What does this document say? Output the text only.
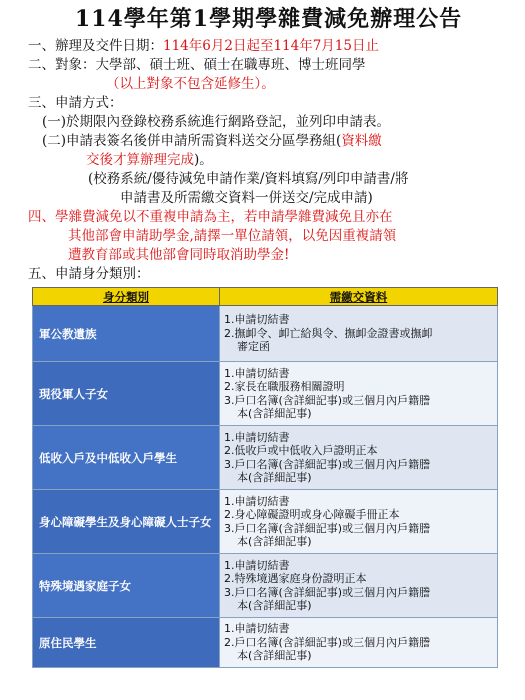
114學年第1學期學雜費減免辦理公告
一、辦理及交件日期：114年6月2日起至114年7月15日止
二、對象：大學部、碩士班、碩士在職專班、博士班同學
（以上對象不包含延修生）。
三、申請方式：
(一)於期限內登錄校務系統進行網路登記，並列印申請表。
(二)申請表簽名後併申請所需資料送交分區學務組(資料繳
交後才算辦理完成)。
(校務系統/優待減免申請作業/資料填寫/列印申請書/將
申請書及所需繳交資料一併送交/完成申請)
四、學雜費減免以不重複申請為主，若申請學雜費減免且亦在
其他部會申請助學金,請擇一單位請領，以免因重複請領
遭教育部或其他部會同時取消助學金!
五、申請身分類別：
身分類別	需繳交資料
軍公教遺族	1.申請切結書
2.撫卹令、卹亡給與令、撫卹金證書或撫卹
審定函

現役軍人子女	1.申請切結書
2.家長在職服務相關證明
3.戶口名簿(含詳細記事)或三個月內戶籍謄
本(含詳細記事)

低收入戶及中低收入戶學生	1.申請切結書
2.低收戶或中低收入戶證明正本
3.戶口名簿(含詳細記事)或三個月內戶籍謄
本(含詳細記事)

身心障礙學生及身心障礙人士子女	1.申請切結書
2.身心障礙證明或身心障礙手冊正本
3.戶口名簿(含詳細記事)或三個月內戶籍謄
本(含詳細記事)

特殊境遇家庭子女	1.申請切結書
2.特殊境遇家庭身份證明正本
3.戶口名簿(含詳細記事)或三個月內戶籍謄
本(含詳細記事)

原住民學生	1.申請切結書
2.戶口名簿(含詳細記事)或三個月內戶籍謄
本(含詳細記事)
